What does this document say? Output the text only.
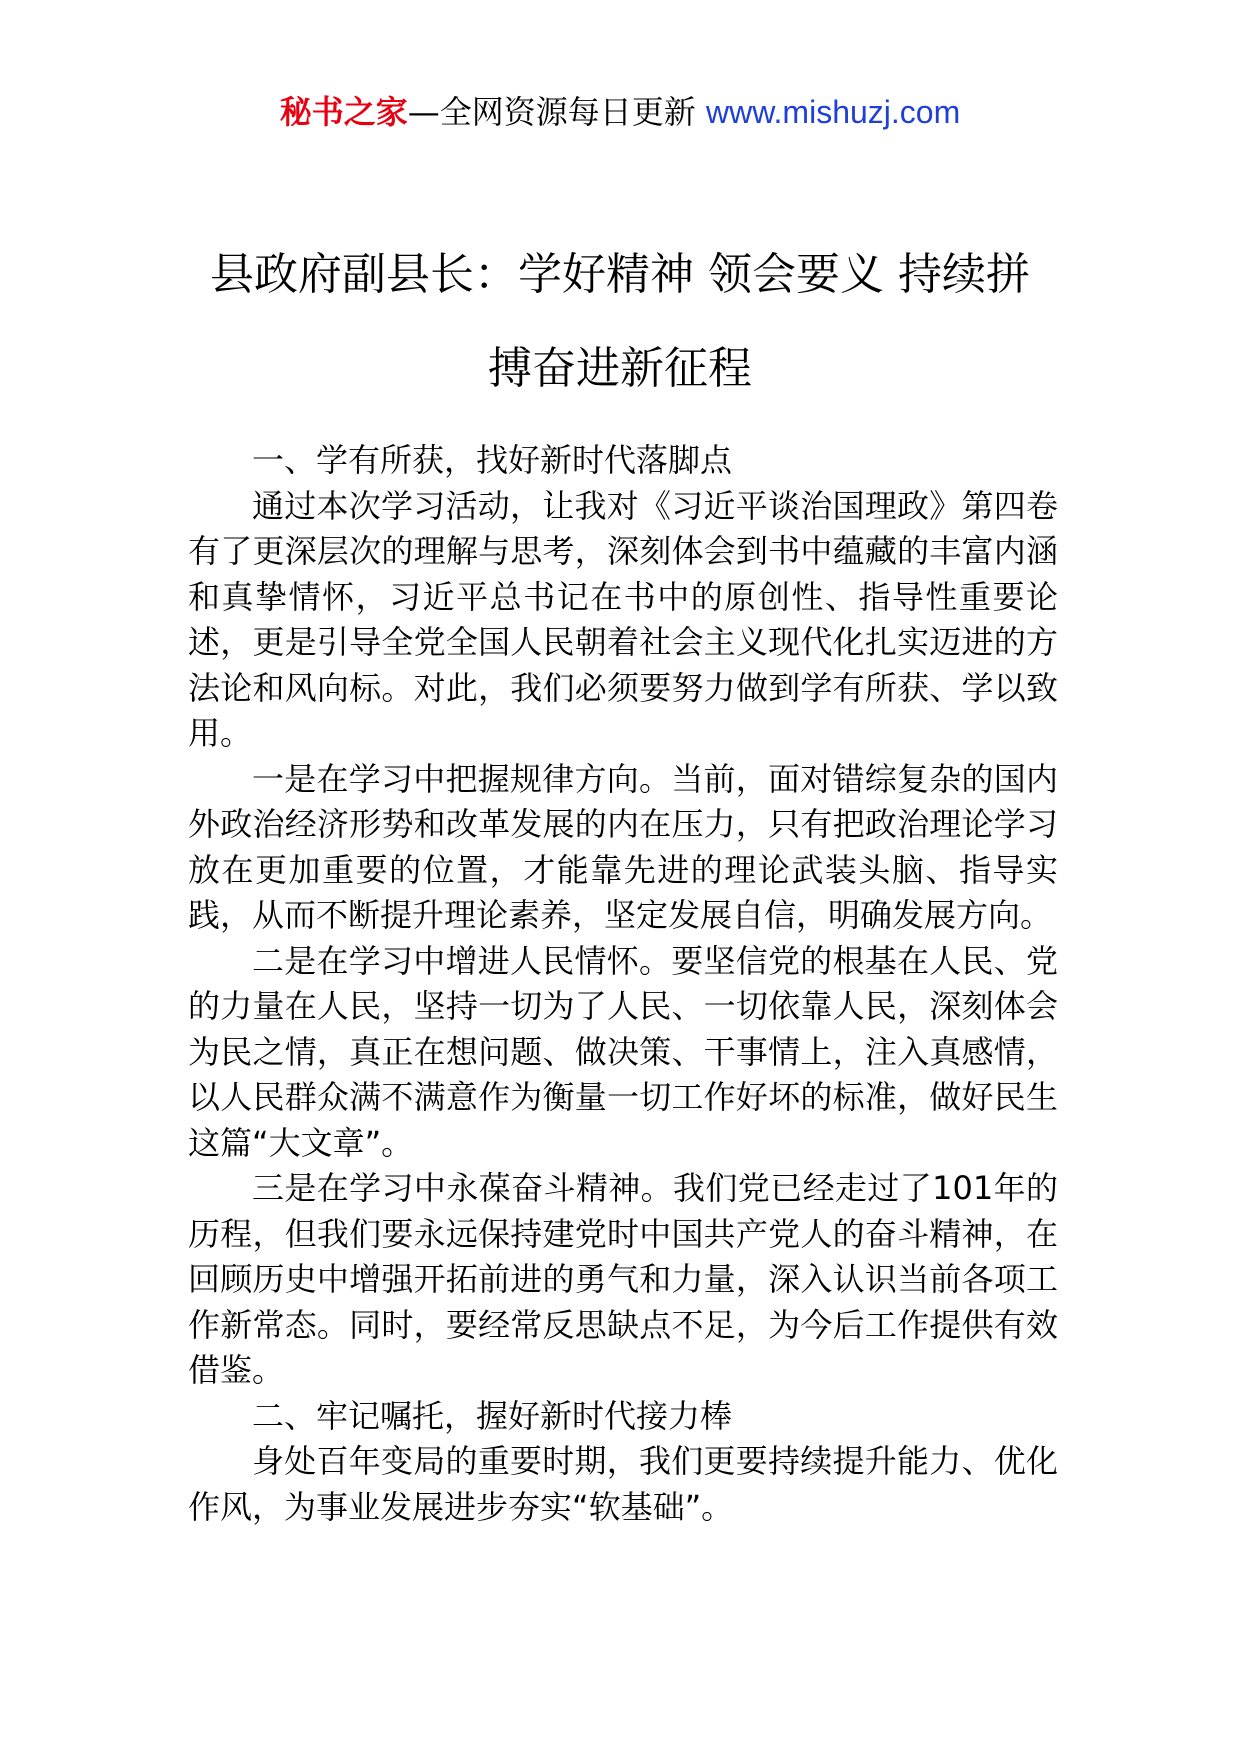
秘书之家—全网资源每日更新 www.mishuzj.com
县政府副县长：学好精神 领会要义 持续拼
搏奋进新征程

一、学有所获，找好新时代落脚点

通过本次学习活动，让我对《习近平谈治国理政》第四卷有了更深层次的理解与思考，深刻体会到书中蕴藏的丰富内涵和真挚情怀，习近平总书记在书中的原创性、指导性重要论述，更是引导全党全国人民朝着社会主义现代化扎实迈进的方法论和风向标。对此，我们必须要努力做到学有所获、学以致用。

一是在学习中把握规律方向。当前，面对错综复杂的国内外政治经济形势和改革发展的内在压力，只有把政治理论学习放在更加重要的位置，才能靠先进的理论武装头脑、指导实践，从而不断提升理论素养，坚定发展自信，明确发展方向。

二是在学习中增进人民情怀。要坚信党的根基在人民、党的力量在人民，坚持一切为了人民、一切依靠人民，深刻体会为民之情，真正在想问题、做决策、干事情上，注入真感情，以人民群众满不满意作为衡量一切工作好坏的标准，做好民生这篇“大文章”。

三是在学习中永葆奋斗精神。我们党已经走过了101年的历程，但我们要永远保持建党时中国共产党人的奋斗精神，在回顾历史中增强开拓前进的勇气和力量，深入认识当前各项工作新常态。同时，要经常反思缺点不足，为今后工作提供有效借鉴。

二、牢记嘱托，握好新时代接力棒

身处百年变局的重要时期，我们更要持续提升能力、优化作风，为事业发展进步夯实“软基础”。
